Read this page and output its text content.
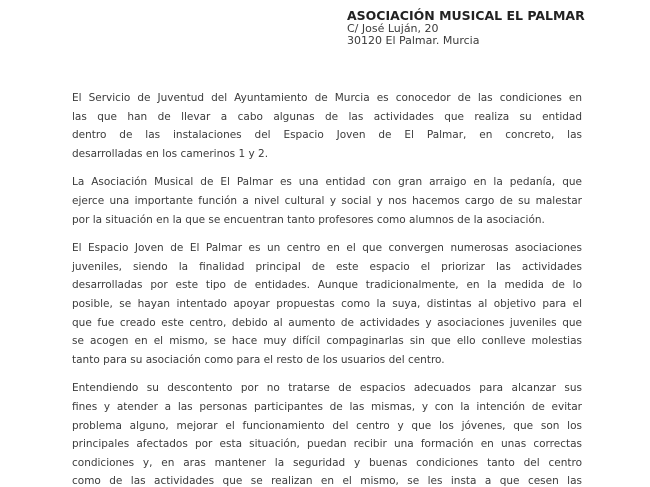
ASOCIACIÓN MUSICAL EL PALMAR
C/ José Luján, 20
30120 El Palmar. Murcia
El Servicio de Juventud del Ayuntamiento de Murcia es conocedor de las condiciones en
las que han de llevar a cabo algunas de las actividades que realiza su entidad
dentro de las instalaciones del Espacio Joven de El Palmar, en concreto, las
desarrolladas en los camerinos 1 y 2.
La Asociación Musical de El Palmar es una entidad con gran arraigo en la pedanía, que
ejerce una importante función a nivel cultural y social y nos hacemos cargo de su malestar
por la situación en la que se encuentran tanto profesores como alumnos de la asociación.
El Espacio Joven de El Palmar es un centro en el que convergen numerosas asociaciones
juveniles, siendo la finalidad principal de este espacio el priorizar las actividades
desarrolladas por este tipo de entidades. Aunque tradicionalmente, en la medida de lo
posible, se hayan intentado apoyar propuestas como la suya, distintas al objetivo para el
que fue creado este centro, debido al aumento de actividades y asociaciones juveniles que
se acogen en el mismo, se hace muy difícil compaginarlas sin que ello conlleve molestias
tanto para su asociación como para el resto de los usuarios del centro.
Entendiendo su descontento por no tratarse de espacios adecuados para alcanzar sus
fines y atender a las personas participantes de las mismas, y con la intención de evitar
problema alguno, mejorar el funcionamiento del centro y que los jóvenes, que son los
principales afectados por esta situación, puedan recibir una formación en unas correctas
condiciones y, en aras mantener la seguridad y buenas condiciones tanto del centro
como de las actividades que se realizan en el mismo, se les insta a que cesen las
